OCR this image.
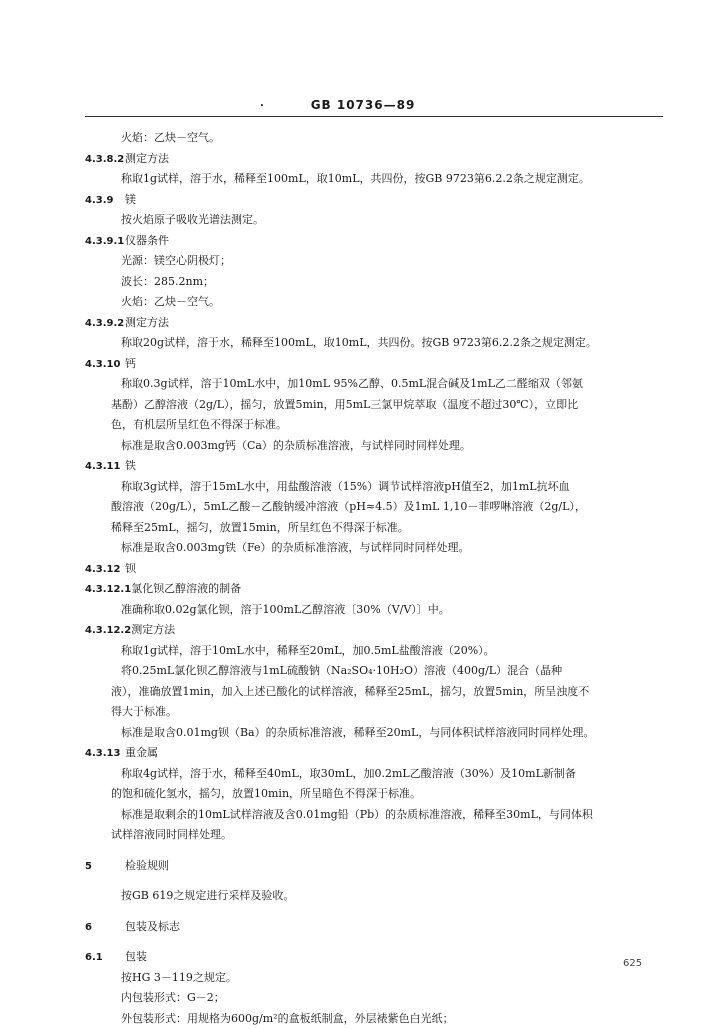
.	GB 10736—89
火焰：乙炔－空气。
4.3.8.2测定方法
称取1g试样，溶于水，稀释至100mL，取10mL，共四份，按GB 9723第6.2.2条之规定测定。
4.3.9 镁
按火焰原子吸收光谱法测定。
4.3.9.1仪器条件
光源：镁空心阴极灯；
波长：285.2nm；
火焰：乙炔－空气。
4.3.9.2测定方法
称取20g试样，溶于水，稀释至100mL，取10mL，共四份。按GB 9723第6.2.2条之规定测定。
4.3.10 钙
称取0.3g试样，溶于10mL水中，加10mL 95%乙醇、0.5mL混合碱及1mL乙二醛缩双（邻氨
基酚）乙醇溶液（2g/L），摇匀，放置5min，用5mL三氯甲烷萃取（温度不超过30℃），立即比
色，有机层所呈红色不得深于标准。
标准是取含0.003mg钙（Ca）的杂质标准溶液，与试样同时同样处理。
4.3.11 铁
称取3g试样，溶于15mL水中，用盐酸溶液（15%）调节试样溶液pH值至2，加1mL抗坏血
酸溶液（20g/L），5mL乙酸－乙酸钠缓冲溶液（pH≈4.5）及1mL 1,10－菲啰啉溶液（2g/L），
稀释至25mL，摇匀，放置15min，所呈红色不得深于标准。
标准是取含0.003mg铁（Fe）的杂质标准溶液，与试样同时同样处理。
4.3.12 钡
4.3.12.1氯化钡乙醇溶液的制备
准确称取0.02g氯化钡，溶于100mL乙醇溶液〔30%（V/V）〕中。
4.3.12.2测定方法
称取1g试样，溶于10mL水中，稀释至20mL，加0.5mL盐酸溶液（20%）。
将0.25mL氯化钡乙醇溶液与1mL硫酸钠（Na₂SO₄·10H₂O）溶液（400g/L）混合（晶种
液），准确放置1min，加入上述已酸化的试样溶液，稀释至25mL，摇匀，放置5min，所呈浊度不
得大于标准。
标准是取含0.01mg钡（Ba）的杂质标准溶液，稀释至20mL，与同体积试样溶液同时同样处理。
4.3.13 重金属
称取4g试样，溶于水，稀释至40mL，取30mL，加0.2mL乙酸溶液（30%）及10mL新制备
的饱和硫化氢水，摇匀，放置10min，所呈暗色不得深于标准。
标准是取剩余的10mL试样溶液及含0.01mg铅（Pb）的杂质标准溶液，稀释至30mL，与同体积
试样溶液同时同样处理。
5	检验规则
按GB 619之规定进行采样及验收。
6	包装及标志
6.1 包装
按HG 3－119之规定。
内包装形式：G－2；
外包装形式：用规格为600g/m²的盒板纸制盒，外层裱紫色白光纸；
625
